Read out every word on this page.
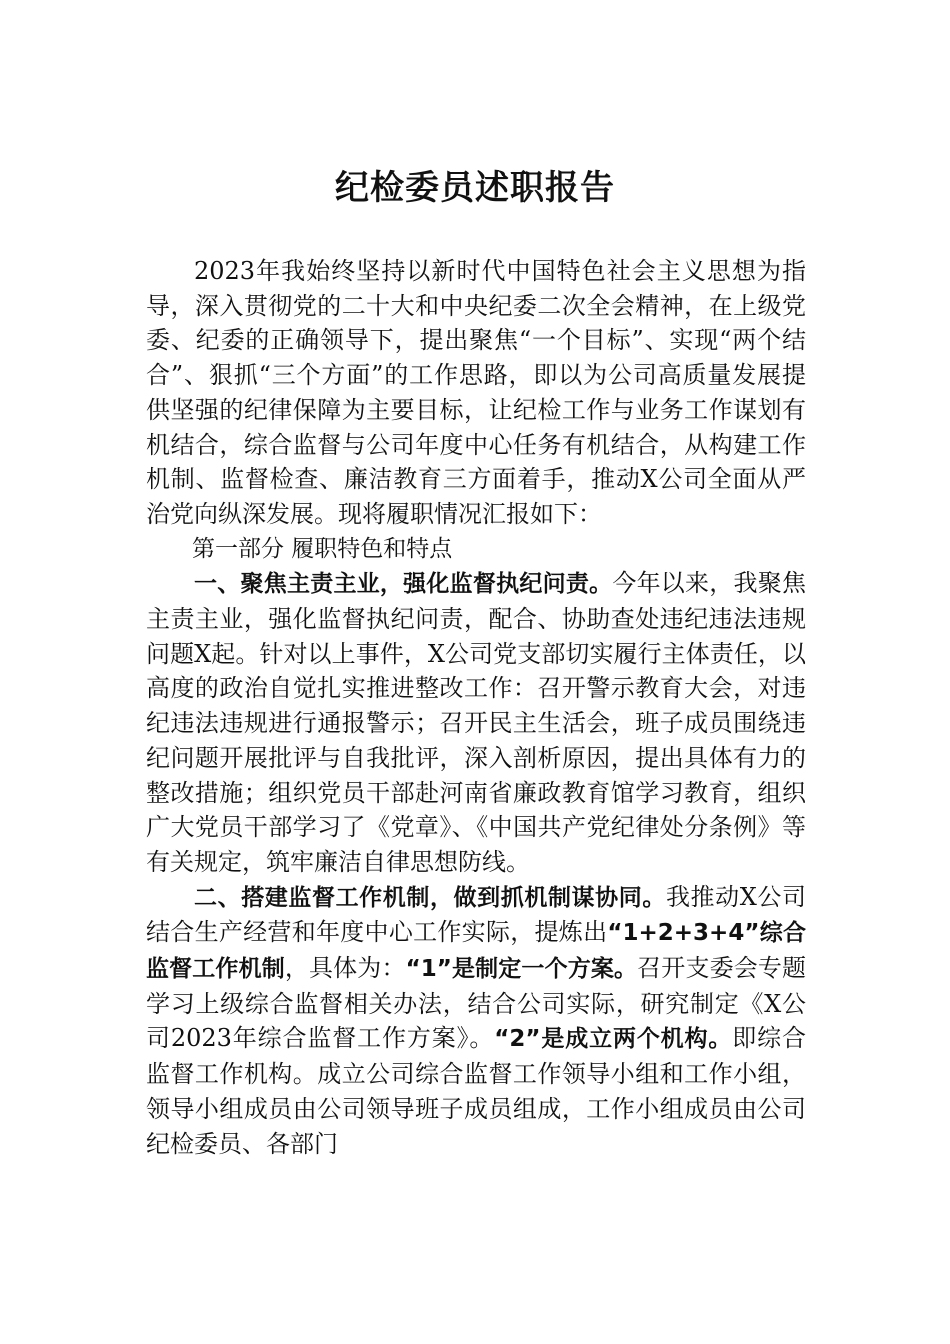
纪检委员述职报告

2023年我始终坚持以新时代中国特色社会主义思想为指导，深入贯彻党的二十大和中央纪委二次全会精神，在上级党委、纪委的正确领导下，提出聚焦“一个目标”、实现“两个结合”、狠抓“三个方面”的工作思路，即以为公司高质量发展提供坚强的纪律保障为主要目标，让纪检工作与业务工作谋划有机结合，综合监督与公司年度中心任务有机结合，从构建工作机制、监督检查、廉洁教育三方面着手，推动X公司全面从严治党向纵深发展。现将履职情况汇报如下：

第一部分 履职特色和特点

一、聚焦主责主业，强化监督执纪问责。今年以来，我聚焦主责主业，强化监督执纪问责，配合、协助查处违纪违法违规问题X起。针对以上事件，X公司党支部切实履行主体责任，以高度的政治自觉扎实推进整改工作：召开警示教育大会，对违纪违法违规进行通报警示；召开民主生活会，班子成员围绕违纪问题开展批评与自我批评，深入剖析原因，提出具体有力的整改措施；组织党员干部赴河南省廉政教育馆学习教育，组织广大党员干部学习了《党章》、《中国共产党纪律处分条例》等有关规定，筑牢廉洁自律思想防线。

二、搭建监督工作机制，做到抓机制谋协同。我推动X公司结合生产经营和年度中心工作实际，提炼出“1+2+3+4”综合监督工作机制，具体为：“1”是制定一个方案。召开支委会专题学习上级综合监督相关办法，结合公司实际，研究制定《X公司2023年综合监督工作方案》。“2”是成立两个机构。即综合监督工作机构。成立公司综合监督工作领导小组和工作小组，领导小组成员由公司领导班子成员组成，工作小组成员由公司纪检委员、各部门
